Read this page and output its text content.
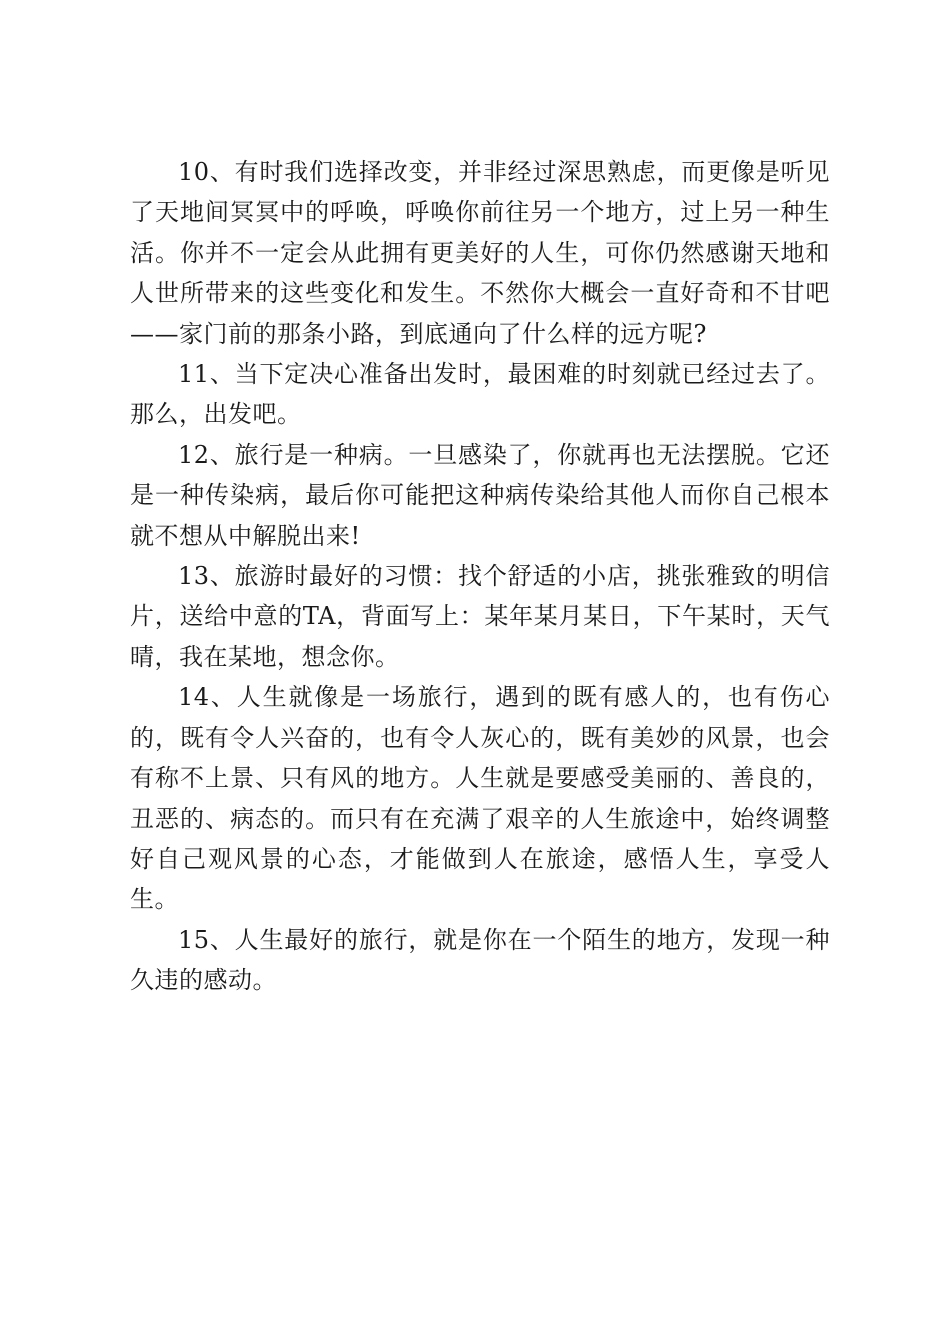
10、有时我们选择改变，并非经过深思熟虑，而更像是听见了天地间冥冥中的呼唤，呼唤你前往另一个地方，过上另一种生活。你并不一定会从此拥有更美好的人生，可你仍然感谢天地和人世所带来的这些变化和发生。不然你大概会一直好奇和不甘吧——家门前的那条小路，到底通向了什么样的远方呢?

11、当下定决心准备出发时，最困难的时刻就已经过去了。那么，出发吧。

12、旅行是一种病。一旦感染了，你就再也无法摆脱。它还是一种传染病，最后你可能把这种病传染给其他人而你自己根本就不想从中解脱出来!

13、旅游时最好的习惯：找个舒适的小店，挑张雅致的明信片，送给中意的TA，背面写上：某年某月某日，下午某时，天气晴，我在某地，想念你。

14、人生就像是一场旅行，遇到的既有感人的，也有伤心的，既有令人兴奋的，也有令人灰心的，既有美妙的风景，也会有称不上景、只有风的地方。人生就是要感受美丽的、善良的，丑恶的、病态的。而只有在充满了艰辛的人生旅途中，始终调整好自己观风景的心态，才能做到人在旅途，感悟人生，享受人生。

15、人生最好的旅行，就是你在一个陌生的地方，发现一种久违的感动。
